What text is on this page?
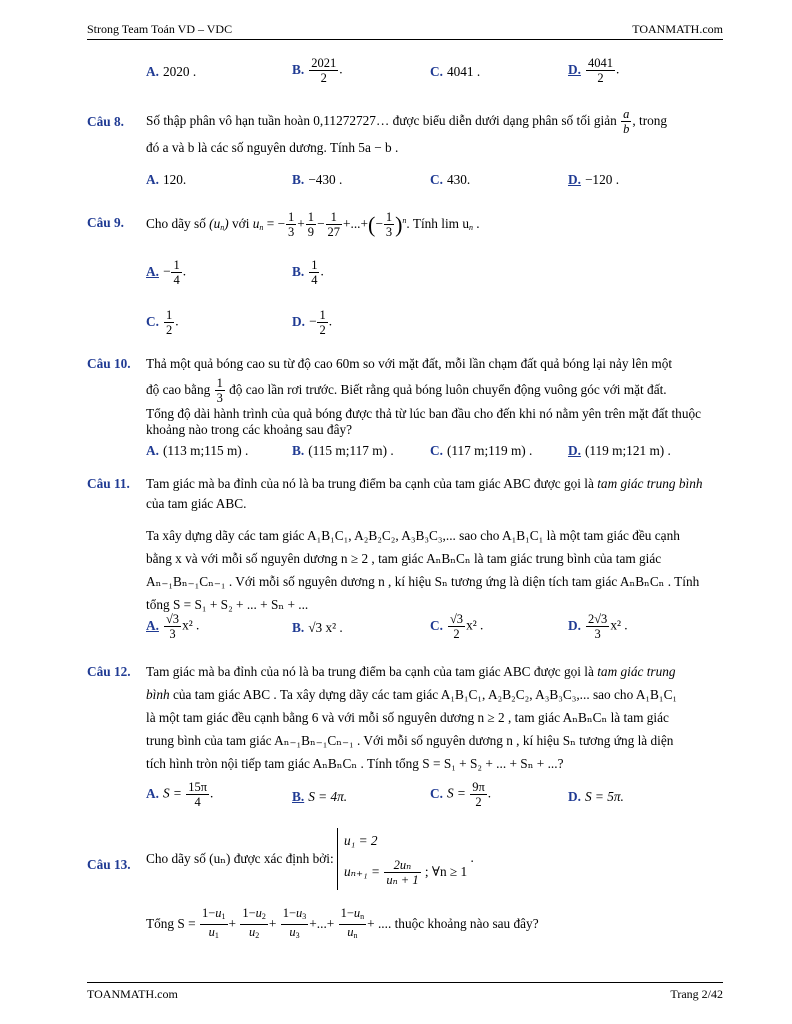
Strong Team Toán VD – VDC	TOANMATH.com
A. 2020 .	B. $\frac{2021}{2}$ .	C. 4041 .	D. $\frac{4041}{2}$ .
Câu 8. Số thập phân vô hạn tuần hoàn 0,11272727… được biểu diễn dưới dạng phân số tối giản $\frac{a}{b}$ , trong
đó a và b là các số nguyên dương. Tính 5a − b .
A. 120.	B. −430 .	C. 430.	D. −120 .
Câu 9. Cho dãy số $(u_n)$ với $u_n$ = − $\frac{1}{3} + \frac{1}{9} - \frac{1}{27}$ +...+(− $\frac{1}{3} )^n$. Tính $\lim u_n$ .
A. − $\frac{1}{4}$ .	B. $\frac{1}{4}$ .
C. $\frac{1}{2}$ .	D. − $\frac{1}{2}$ .
Câu 10. Thả một quả bóng cao su từ độ cao 60m so với mặt đất, mỗi lần chạm đất quả bóng lại nảy lên một
độ cao bằng $\frac{1}{3}$ độ cao lần rơi trước. Biết rằng quả bóng luôn chuyển động vuông góc với mặt đất.
Tổng độ dài hành trình của quả bóng được thả từ lúc ban đầu cho đến khi nó nằm yên trên mặt đất thuộc khoảng nào trong các khoảng sau đây?
A. (113 m;115 m) .	B. (115 m;117 m) .	C. (117 m;119 m) .	D. (119 m;121 m) .
Câu 11. Tam giác mà ba đỉnh của nó là ba trung điểm ba cạnh của tam giác ABC được gọi là tam giác trung bình của tam giác ABC.
Ta xây dựng dãy các tam giác A₁B₁C₁, A₂B₂C₂, A₃B₃C₃,... sao cho A₁B₁C₁ là một tam giác đều cạnh
bằng x và với mỗi số nguyên dương n ≥ 2 , tam giác AₙBₙCₙ là tam giác trung bình của tam giác
Aₙ₋₁Bₙ₋₁Cₙ₋₁ . Với mỗi số nguyên dương n , kí hiệu Sₙ tương ứng là diện tích tam giác AₙBₙCₙ . Tính
tổng S = S₁ + S₂ + ... + Sₙ + ...
A. $\frac{√3}{3} x^2$ .	B. √3 x² .	C. $\frac{√3}{2} x^2$ .	D. $\frac{2√3}{3} x^2$ .
Câu 12. Tam giác mà ba đỉnh của nó là ba trung điểm ba cạnh của tam giác ABC được gọi là tam giác trung
bình của tam giác ABC . Ta xây dựng dãy các tam giác A₁B₁C₁, A₂B₂C₂, A₃B₃C₃,... sao cho A₁B₁C₁
là một tam giác đều cạnh bằng 6 và với mỗi số nguyên dương n ≥ 2 , tam giác AₙBₙCₙ là tam giác
trung bình của tam giác Aₙ₋₁Bₙ₋₁Cₙ₋₁ . Với mỗi số nguyên dương n , kí hiệu Sₙ tương ứng là diện
tích hình tròn nội tiếp tam giác AₙBₙCₙ . Tính tổng S = S₁ + S₂ + ... + Sₙ + ...?
A. $S = \frac{15\pi}{4}$ .	B. S = 4π.	C. $S = \frac{9\pi}{2}$ .	D. S = 5π.
Câu 13. Cho dãy số (uₙ) được xác định bởi:
u₁ = 2
$u_{n+1} = \frac{\text{2uₙ}}{\text{uₙ + 1}}$ ; ∀n ≥ 1
.
Tổng $S = \frac{1-u_1}{u_1} + \frac{1-u_2}{u_2} + \frac{1-u_3}{u_3}$ +...+ $\frac{1-u_n}{u_n}$ + .... thuộc khoảng nào sau đây?
TOANMATH.com	Trang 2/42
